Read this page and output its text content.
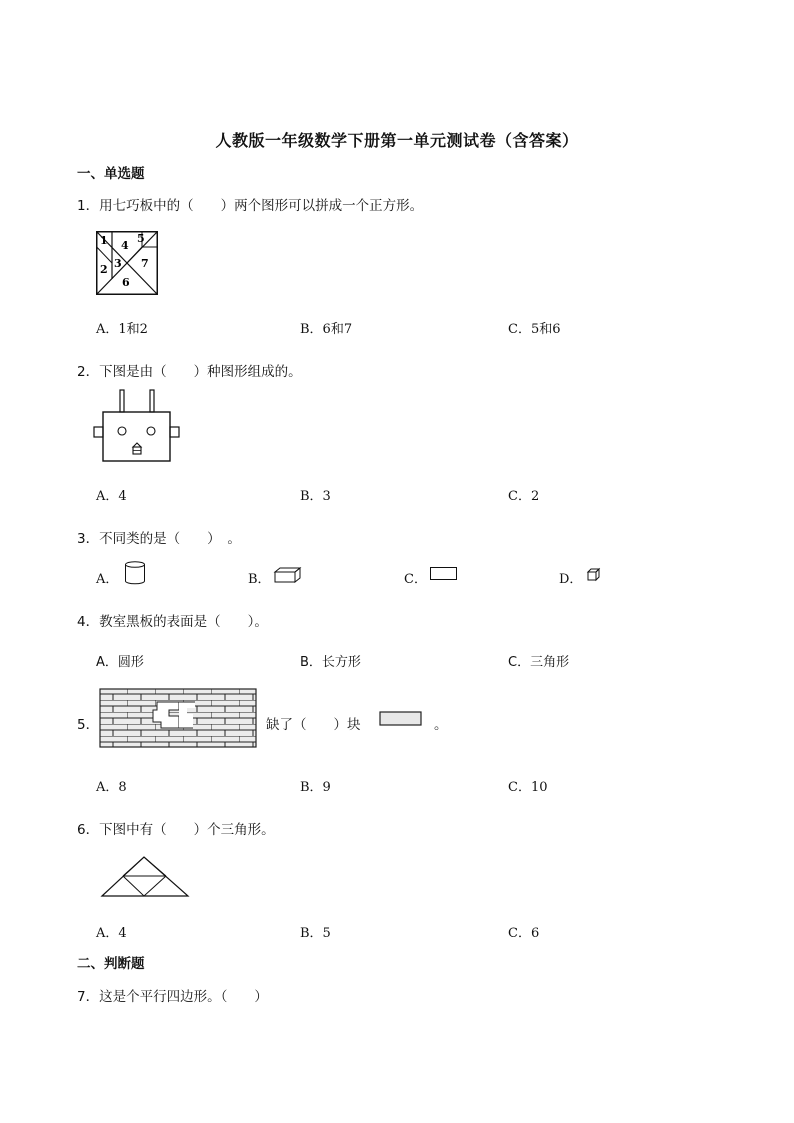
人教版一年级数学下册第一单元测试卷（含答案）
一、单选题
1．用七巧板中的（　　）两个图形可以拼成一个正方形。
1
2 3
4
5
6
7
A．1和2	B．6和7	C．5和6
2．下图是由（　　）种图形组成的。
A．4	B．3	C．2
3．不同类的是（　　）　。
A．	B．	C．	D．
4．教室黑板的表面是（　　）。
A．圆形	B．长方形	C．三角形
5．	缺了（　　）块	。
A．8	B．9	C．10
6．下图中有（　　）个三角形。
A．4	B．5	C．6
二、判断题
7．这是个平行四边形。（　　）
